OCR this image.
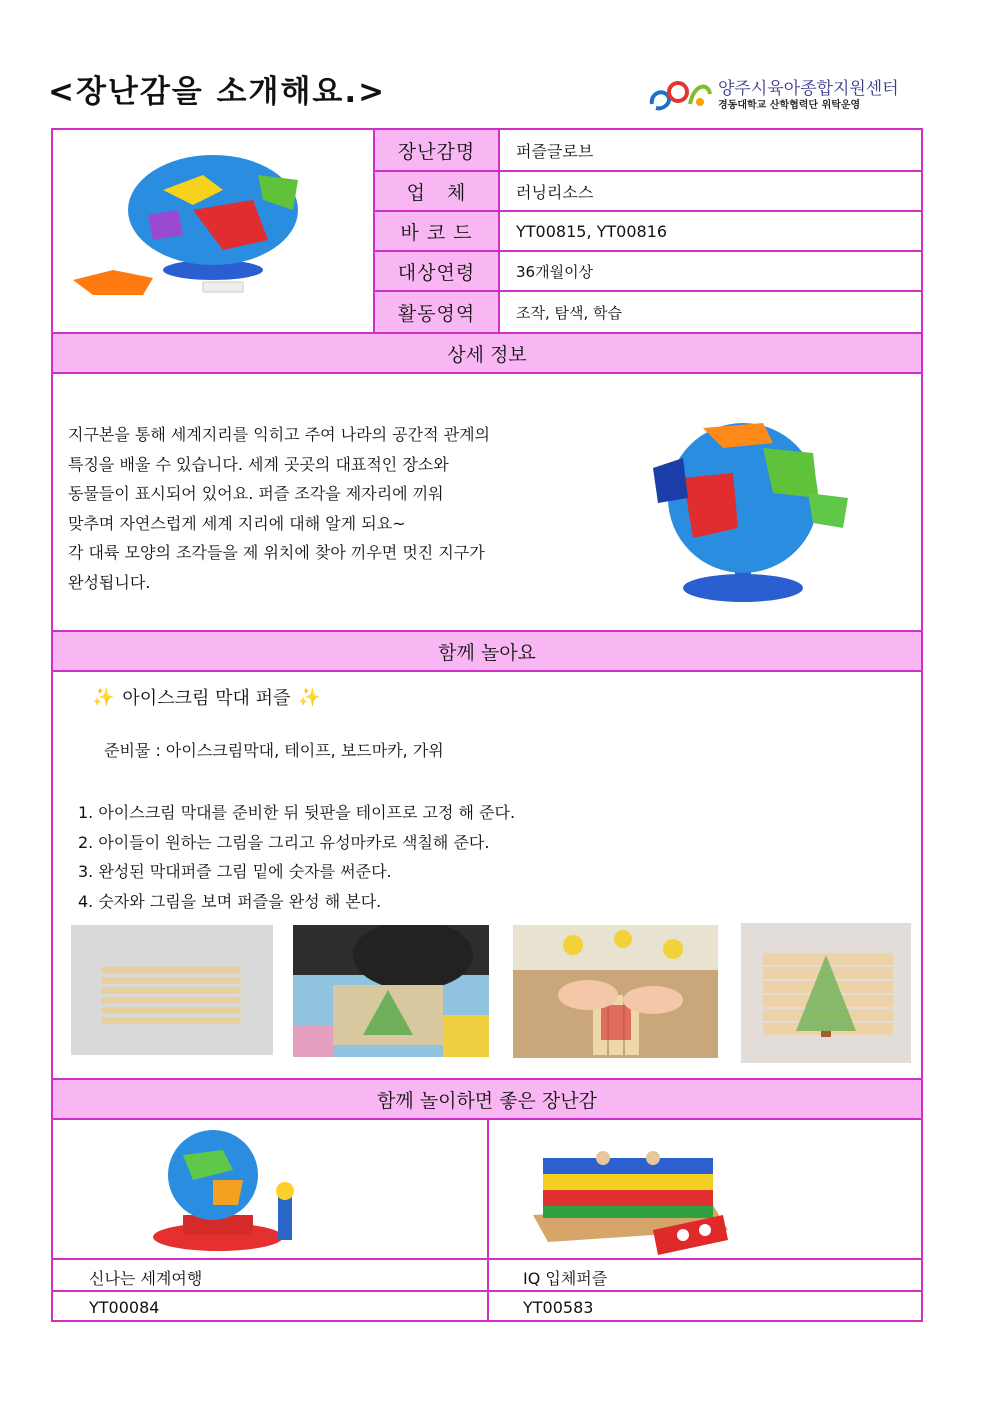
<장난감을 소개해요.>	양주시육아종합지원센터
경동대학교 산학협력단 위탁운영
장난감명	퍼즐글로브
업   체	러닝리소스
바 코 드	YT00815, YT00816
대상연령	36개월이상
활동영역	조작, 탐색, 학습
상세 정보
함께 놀아요
함께 놀이하면 좋은 장난감
신나는 세계여행	IQ 입체퍼즐
YT00084	YT00583
지구본을 통해 세계지리를 익히고 주여 나라의 공간적 관계의
특징을 배울 수 있습니다. 세계 곳곳의 대표적인 장소와
동물들이 표시되어 있어요. 퍼즐 조각을 제자리에 끼워
맞추며 자연스럽게 세계 지리에 대해 알게 되요~
각 대륙 모양의 조각들을 제 위치에 찾아 끼우면 멋진 지구가
완성됩니다.
✨ 아이스크림 막대 퍼즐 ✨
준비물 : 아이스크림막대, 테이프, 보드마카, 가위
1. 아이스크림 막대를 준비한 뒤 뒷판을 테이프로 고정 해 준다.
2. 아이들이 원하는 그림을 그리고 유성마카로 색칠해 준다.
3. 완성된 막대퍼즐 그림 밑에 숫자를 써준다.
4. 숫자와 그림을 보며 퍼즐을 완성 해 본다.
